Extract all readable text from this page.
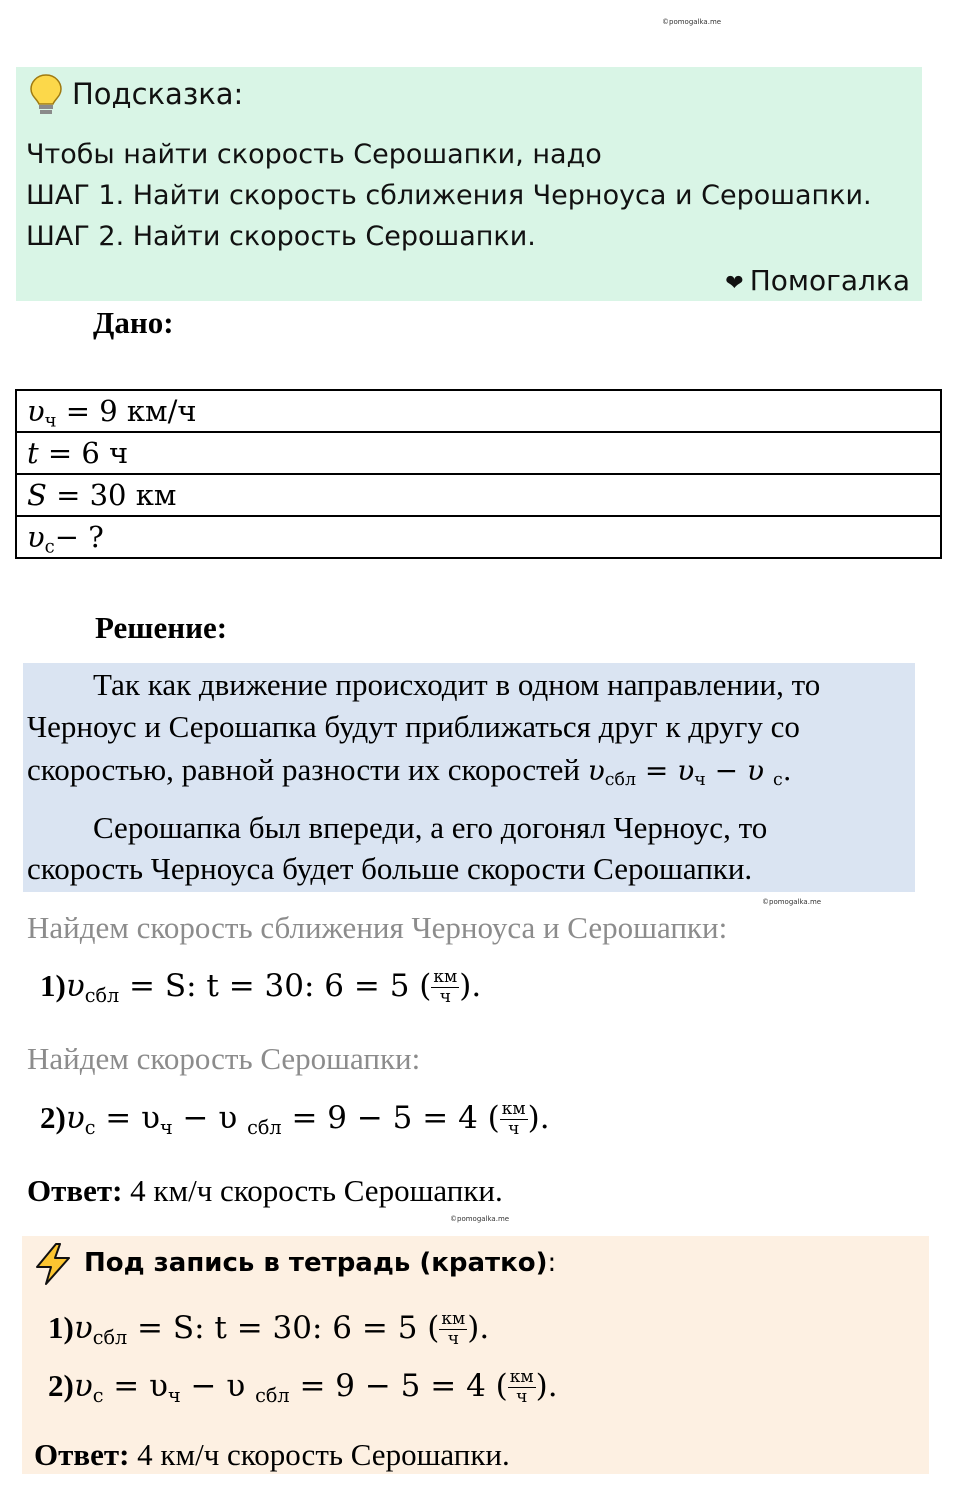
©pomogalka.me
Подсказка:
Чтобы найти скорость Серошапки, надо
ШАГ 1. Найти скорость сближения Черноуса и Серошапки.
ШАГ 2. Найти скорость Серошапки.
❤ Помогалка
Дано:
$\upsilon_ч = 9$ км/ч
t = 6 ч
S = 30 км
$\upsilon_с-$ ?
Решение:
Так как движение происходит в одном направлении, то
Черноус и Серошапка будут приближаться друг к другу со
скоростью, равной разности их скоростей $\upsilon_{сбл} = \upsilon_ч - \upsilon$ $_с$.
Серошапка был впереди, а его догонял Черноус, то
скорость Черноуса будет больше скорости Серошапки.
©pomogalka.me
Найдем скорость сближения Черноуса и Серошапки:
$1)\upsilon_{сбл} = S$: t = 30: 6 = 5 ( $\frac{км}{ч}$ ).
Найдем скорость Серошапки:
$2)\upsilon_с = \upsilon_ч - \upsilon$ $_{сбл}$ = 9 − 5 = 4 ( $\frac{км}{ч}$ ).
Ответ: 4 км/ч скорость Серошапки.
©pomogalka.me
Под запись в тетрадь (кратко):
$1)\upsilon_{сбл} = S$: t = 30: 6 = 5 ( $\frac{км}{ч}$ ).
$2)\upsilon_с = \upsilon_ч - \upsilon$ $_{сбл}$ = 9 − 5 = 4 ( $\frac{км}{ч}$ ).
Ответ: 4 км/ч скорость Серошапки.
